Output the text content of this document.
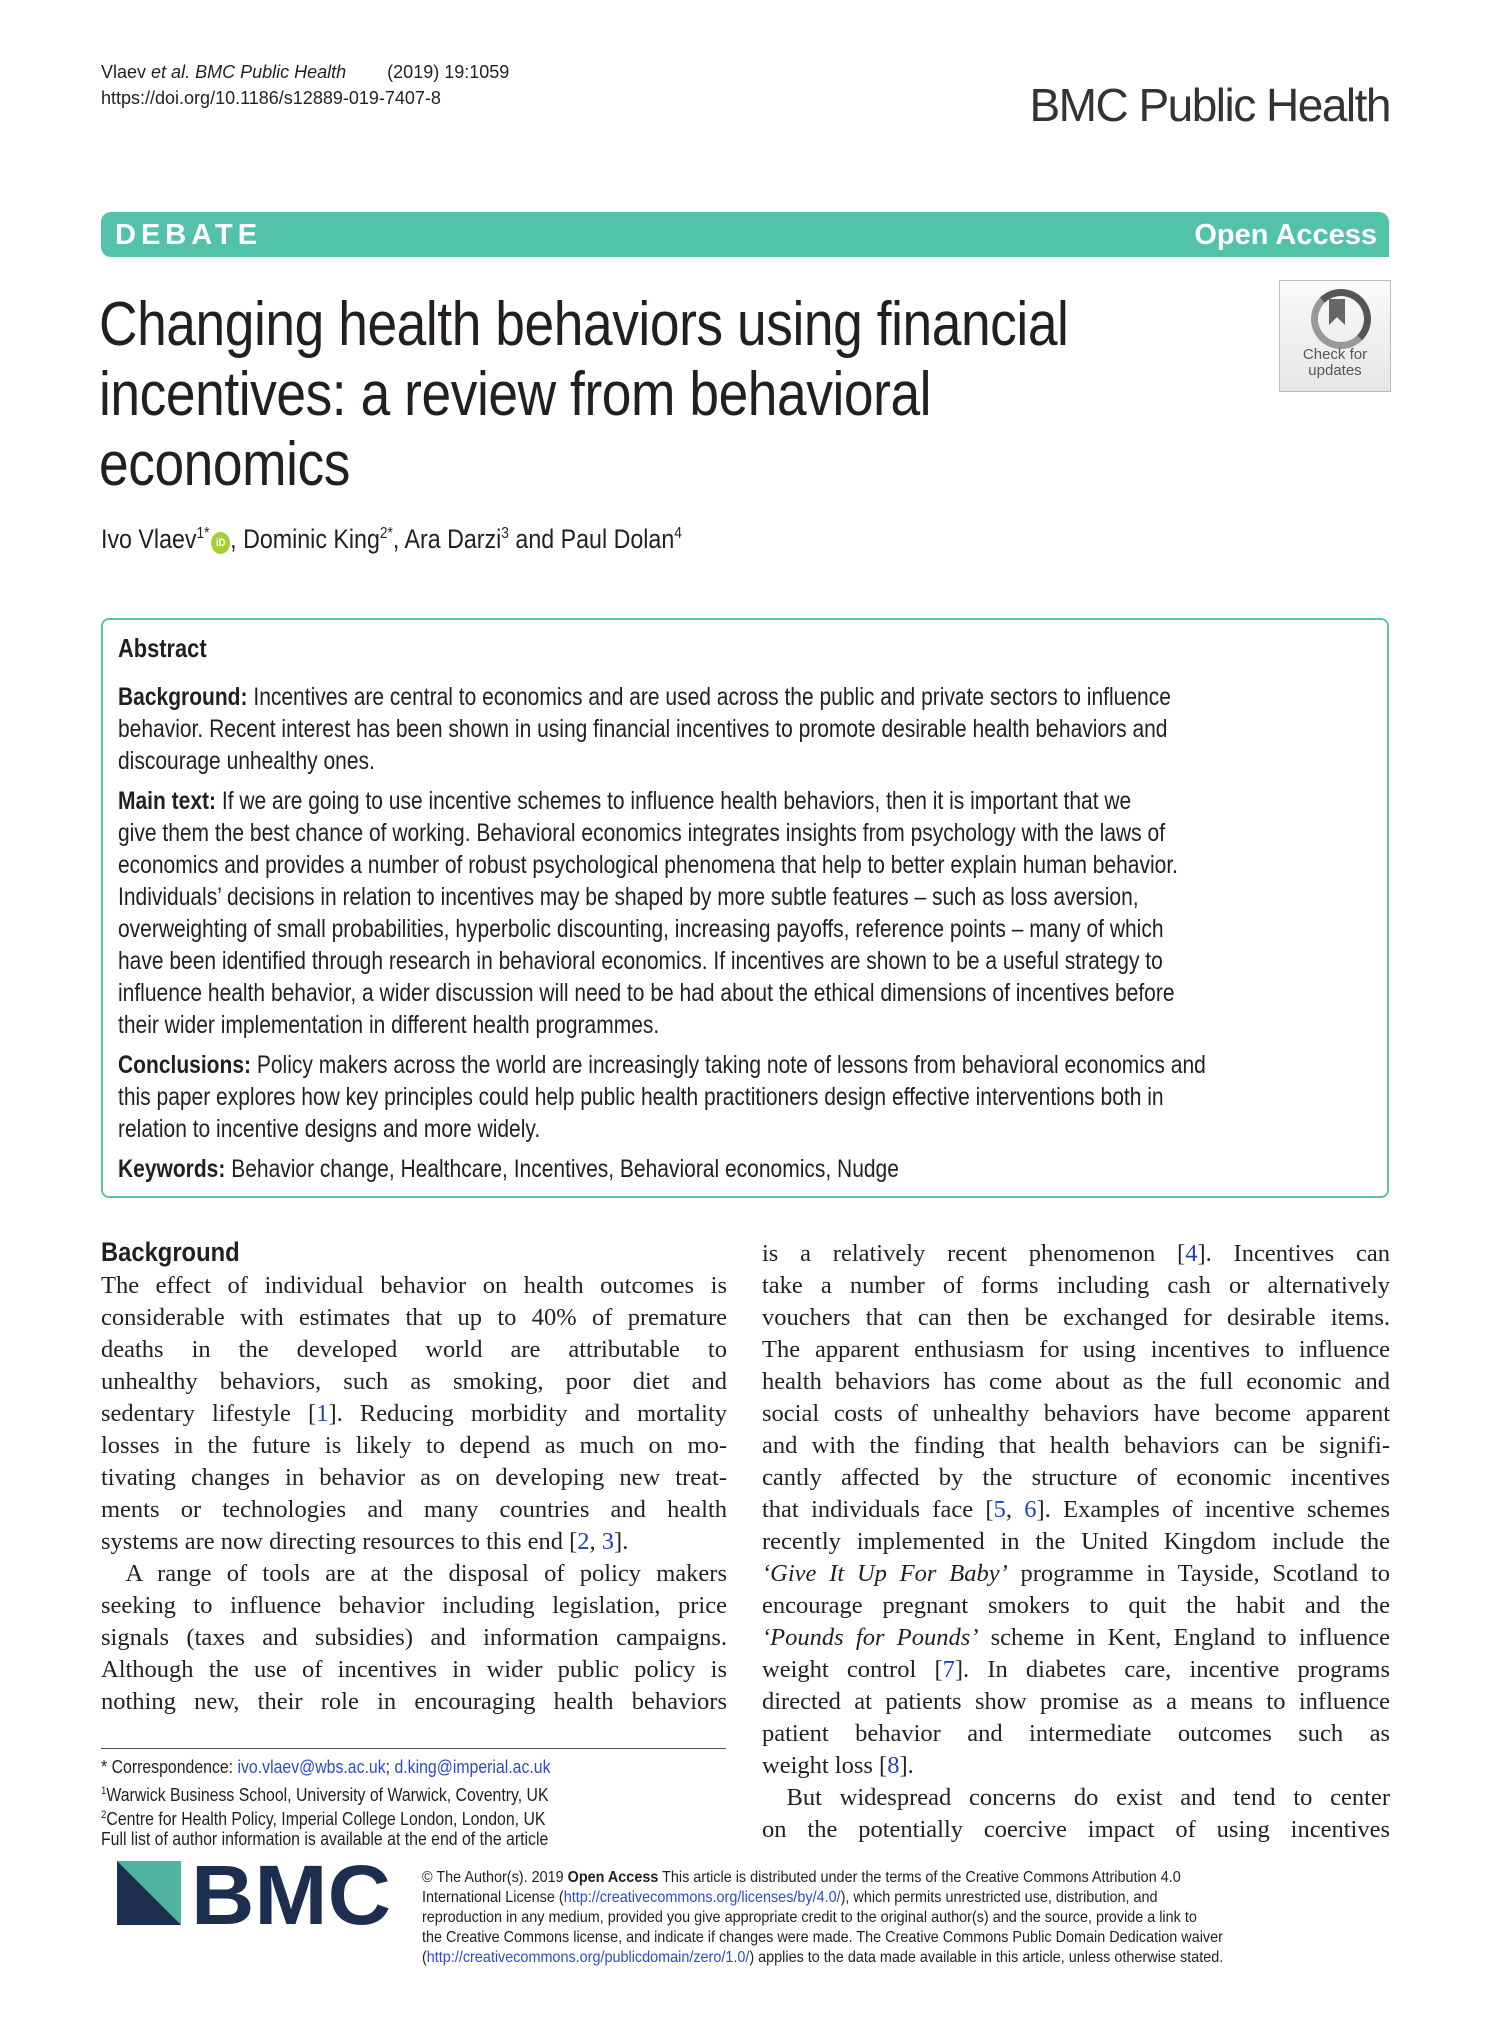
Vlaev et al. BMC Public Health (2019) 19:1059
https://doi.org/10.1186/s12889-019-7407-8	BMC Public Health
DEBATE	Open Access
Check for
updates
Changing health behaviors using financial
incentives: a review from behavioral
economics
Ivo Vlaev$^{1*}$iD , Dominic King$^{2*}$, Ara Darzi$^3$ and Paul Dolan$^4$
Abstract
Background: Incentives are central to economics and are used across the public and private sectors to influence
behavior. Recent interest has been shown in using financial incentives to promote desirable health behaviors and
discourage unhealthy ones.
Main text: If we are going to use incentive schemes to influence health behaviors, then it is important that we
give them the best chance of working. Behavioral economics integrates insights from psychology with the laws of
economics and provides a number of robust psychological phenomena that help to better explain human behavior.
Individuals’ decisions in relation to incentives may be shaped by more subtle features – such as loss aversion,
overweighting of small probabilities, hyperbolic discounting, increasing payoffs, reference points – many of which
have been identified through research in behavioral economics. If incentives are shown to be a useful strategy to
influence health behavior, a wider discussion will need to be had about the ethical dimensions of incentives before
their wider implementation in different health programmes.
Conclusions: Policy makers across the world are increasingly taking note of lessons from behavioral economics and
this paper explores how key principles could help public health practitioners design effective interventions both in
relation to incentive designs and more widely.
Keywords: Behavior change, Healthcare, Incentives, Behavioral economics, Nudge
Background
The effect of individual behavior on health outcomes is
considerable with estimates that up to 40% of premature
deaths in the developed world are attributable to
unhealthy behaviors, such as smoking, poor diet and
sedentary lifestyle [1]. Reducing morbidity and mortality
losses in the future is likely to depend as much on mo-
tivating changes in behavior as on developing new treat-
ments or technologies and many countries and health
systems are now directing resources to this end [2, 3].
 A range of tools are at the disposal of policy makers
seeking to influence behavior including legislation, price
signals (taxes and subsidies) and information campaigns.
Although the use of incentives in wider public policy is
nothing new, their role in encouraging health behaviors
is a relatively recent phenomenon [4]. Incentives can
take a number of forms including cash or alternatively
vouchers that can then be exchanged for desirable items.
The apparent enthusiasm for using incentives to influence
health behaviors has come about as the full economic and
social costs of unhealthy behaviors have become apparent
and with the finding that health behaviors can be signifi-
cantly affected by the structure of economic incentives
that individuals face [5, 6]. Examples of incentive schemes
recently implemented in the United Kingdom include the
‘Give It Up For Baby’ programme in Tayside, Scotland to
encourage pregnant smokers to quit the habit and the
‘Pounds for Pounds’ scheme in Kent, England to influence
weight control [7]. In diabetes care, incentive programs
directed at patients show promise as a means to influence
patient behavior and intermediate outcomes such as
weight loss [8].
 But widespread concerns do exist and tend to center
on the potentially coercive impact of using incentives
* Correspondence: ivo.vlaev@wbs.ac.uk; d.king@imperial.ac.uk
$^1$Warwick Business School, University of Warwick, Coventry, UK
$^2$Centre for Health Policy, Imperial College London, London, UK
Full list of author information is available at the end of the article
BMC © The Author(s). 2019 Open Access This article is distributed under the terms of the Creative Commons Attribution 4.0
International License (http://creativecommons.org/licenses/by/4.0/), which permits unrestricted use, distribution, and
reproduction in any medium, provided you give appropriate credit to the original author(s) and the source, provide a link to
the Creative Commons license, and indicate if changes were made. The Creative Commons Public Domain Dedication waiver
(http://creativecommons.org/publicdomain/zero/1.0/) applies to the data made available in this article, unless otherwise stated.
